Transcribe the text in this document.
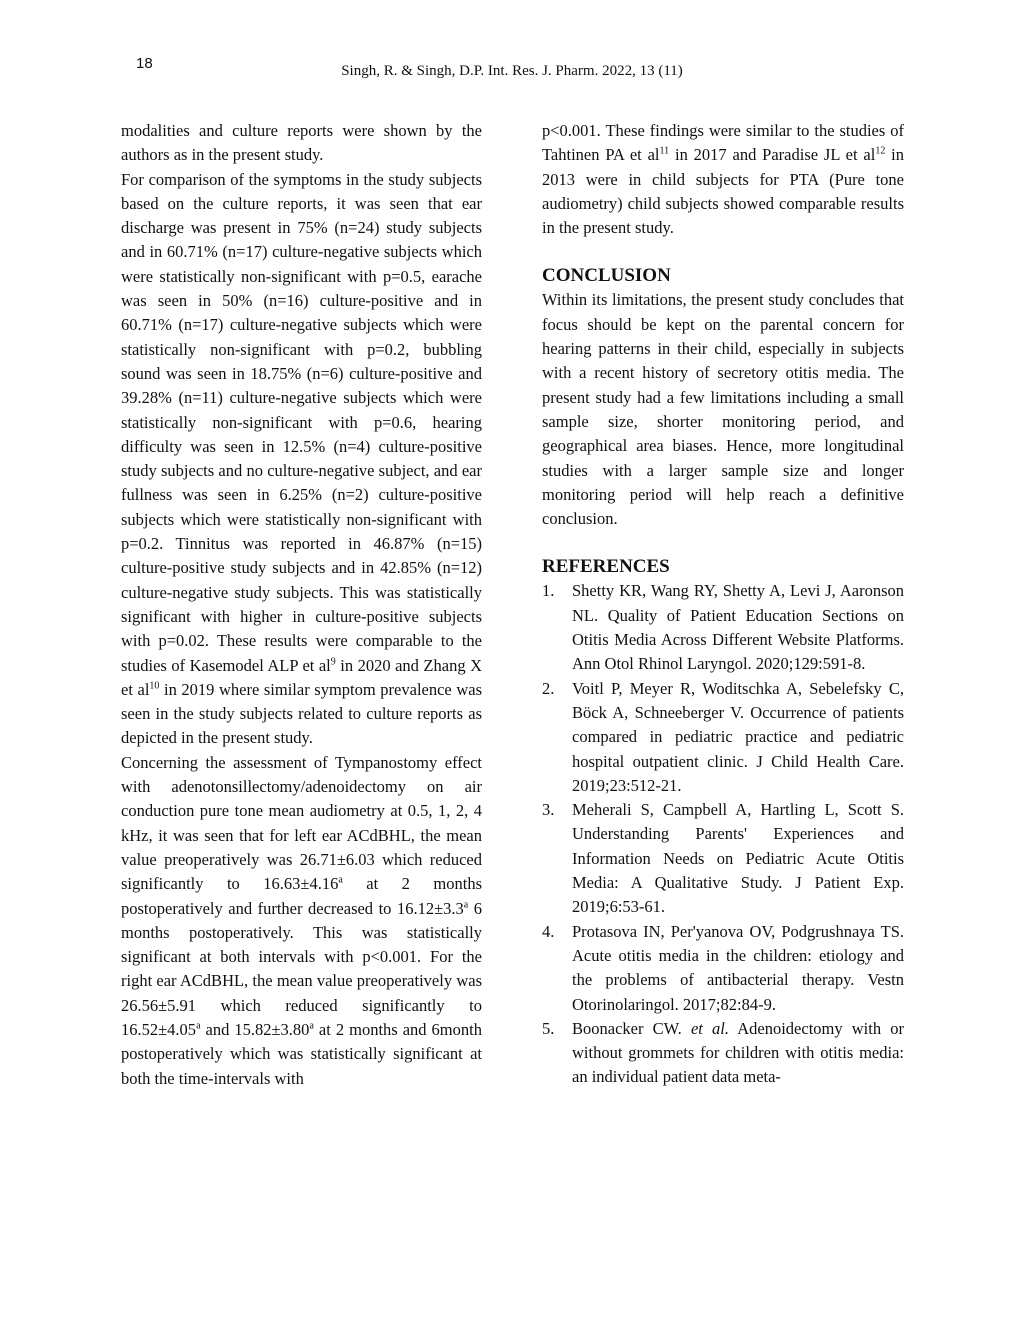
18	Singh, R. & Singh, D.P. Int. Res. J. Pharm. 2022, 13 (11)

modalities and culture reports were shown by the authors as in the present study.

For comparison of the symptoms in the study subjects based on the culture reports, it was seen that ear discharge was present in 75% (n=24) study subjects and in 60.71% (n=17) culture-negative subjects which were statistically non-significant with p=0.5, earache was seen in 50% (n=16) culture-positive and in 60.71% (n=17) culture-negative subjects which were statistically non-significant with p=0.2, bubbling sound was seen in 18.75% (n=6) culture-positive and 39.28% (n=11) culture-negative subjects which were statistically non-significant with p=0.6, hearing difficulty was seen in 12.5% (n=4) culture-positive study subjects and no culture-negative subject, and ear fullness was seen in 6.25% (n=2) culture-positive subjects which were statistically non-significant with p=0.2. Tinnitus was reported in 46.87% (n=15) culture-positive study subjects and in 42.85% (n=12) culture-negative study subjects. This was statistically significant with higher in culture-positive subjects with p=0.02. These results were comparable to the studies of Kasemodel ALP et $al^9$ in 2020 and Zhang X et $al^{10}$ in 2019 where similar symptom prevalence was seen in the study subjects related to culture reports as depicted in the present study.

Concerning the assessment of Tympanostomy effect with adenotonsillectomy/adenoidectomy on air conduction pure tone mean audiometry at 0.5, 1, 2, 4 kHz, it was seen that for left ear ACdBHL, the mean value preoperatively was 26.71±6.03 which reduced significantly to 16.63±4.16$^a$ at 2 months postoperatively and further decreased to 16.12±3.3$^a$ 6 months postoperatively. This was statistically significant at both intervals with p<0.001. For the right ear ACdBHL, the mean value preoperatively was 26.56±5.91 which reduced significantly to 16.52±4.05$^a$ and 15.82±3.80$^a$ at 2 months and 6month postoperatively which was statistically significant at both the time-intervals with

p<0.001. These findings were similar to the studies of Tahtinen PA et $al^{11}$ in 2017 and Paradise JL et $al^{12}$ in 2013 were in child subjects for PTA (Pure tone audiometry) child subjects showed comparable results in the present study.

CONCLUSION

Within its limitations, the present study concludes that focus should be kept on the parental concern for hearing patterns in their child, especially in subjects with a recent history of secretory otitis media. The present study had a few limitations including a small sample size, shorter monitoring period, and geographical area biases. Hence, more longitudinal studies with a larger sample size and longer monitoring period will help reach a definitive conclusion.

REFERENCES
1. Shetty KR, Wang RY, Shetty A, Levi J, Aaronson NL. Quality of Patient Education Sections on Otitis Media Across Different Website Platforms. Ann Otol Rhinol Laryngol. 2020;129:591-8.
2. Voitl P, Meyer R, Woditschka A, Sebelefsky C, Böck A, Schneeberger V. Occurrence of patients compared in pediatric practice and pediatric hospital outpatient clinic. J Child Health Care. 2019;23:512-21.
3. Meherali S, Campbell A, Hartling L, Scott S. Understanding Parents' Experiences and Information Needs on Pediatric Acute Otitis Media: A Qualitative Study. J Patient Exp. 2019;6:53-61.
4. Protasova IN, Per'yanova OV, Podgrushnaya TS. Acute otitis media in the children: etiology and the problems of antibacterial therapy. Vestn Otorinolaringol. 2017;82:84-9.
5. Boonacker CW. et al. Adenoidectomy with or without grommets for children with otitis media: an individual patient data meta-
